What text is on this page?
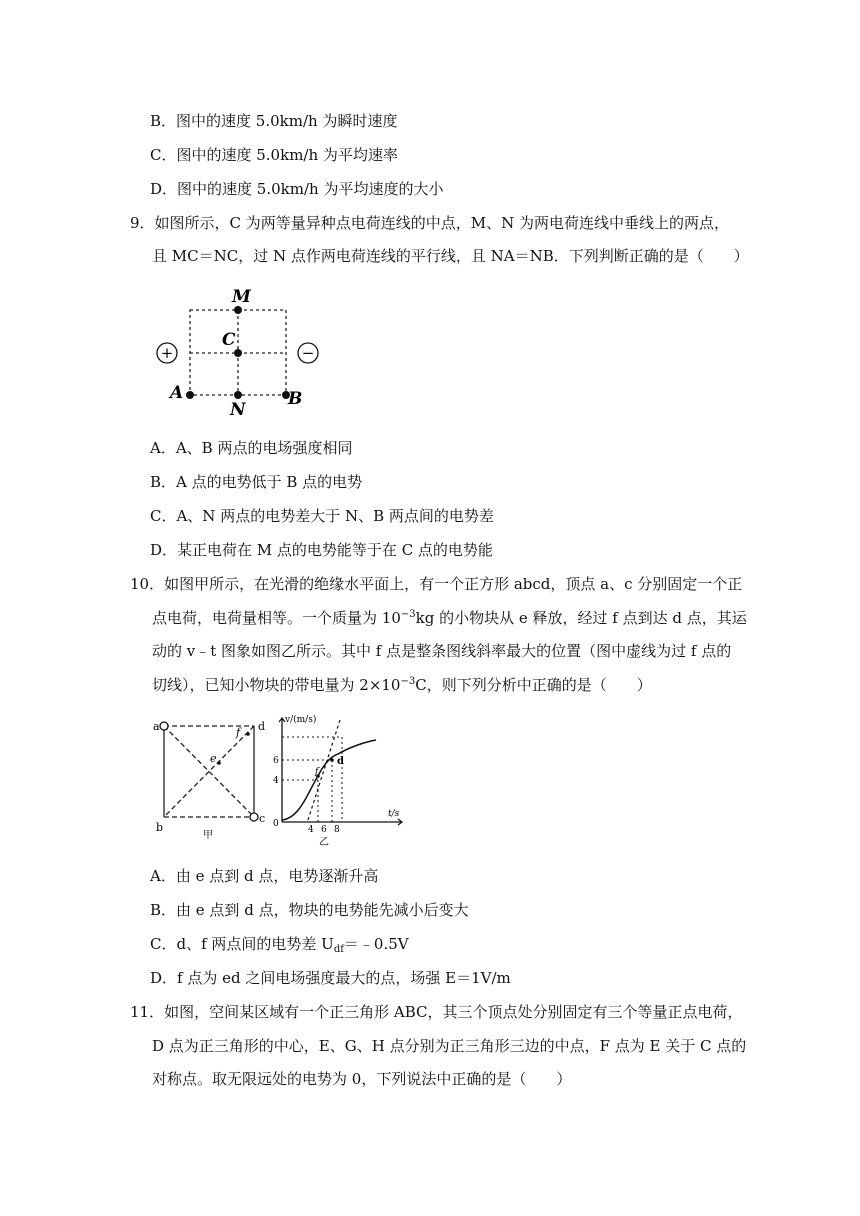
B．图中的速度 5.0km/h 为瞬时速度
C．图中的速度 5.0km/h 为平均速率
D．图中的速度 5.0km/h 为平均速度的大小
9．如图所示，C 为两等量异种点电荷连线的中点，M、N 为两电荷连线中垂线上的两点，
且 MC＝NC，过 N 点作两电荷连线的平行线，且 NA＝NB．下列判断正确的是（　　）
+	−
M
C
A
N
B
A．A、B 两点的电场强度相同
B．A 点的电势低于 B 点的电势
C．A、N 两点的电势差大于 N、B 两点间的电势差
D．某正电荷在 M 点的电势能等于在 C 点的电势能
10．如图甲所示，在光滑的绝缘水平面上，有一个正方形 abcd，顶点 a、c 分别固定一个正
点电荷，电荷量相等。一个质量为 $10^{-3}kg$ 的小物块从 e 释放，经过 f 点到达 d 点，其运
动的 v﹣t 图象如图乙所示。其中 f 点是整条图线斜率最大的位置（图中虚线为过 f 点的
切线），已知小物块的带电量为 $2\times 10^{-3}C$，则下列分析中正确的是（　　）
a	d
b
c
f
e
甲
v/(m/s)
t/s
0
6
4
4 6 8
f
d
乙
A．由 e 点到 d 点，电势逐渐升高
B．由 e 点到 d 点，物块的电势能先减小后变大
C．d、f 两点间的电势差 $U_{df}=﹣0.5V$
D．f 点为 ed 之间电场强度最大的点，场强 E＝1V/m
11．如图，空间某区域有一个正三角形 ABC，其三个顶点处分别固定有三个等量正点电荷，
D 点为正三角形的中心，E、G、H 点分别为正三角形三边的中点，F 点为 E 关于 C 点的
对称点。取无限远处的电势为 0，下列说法中正确的是（　　）
